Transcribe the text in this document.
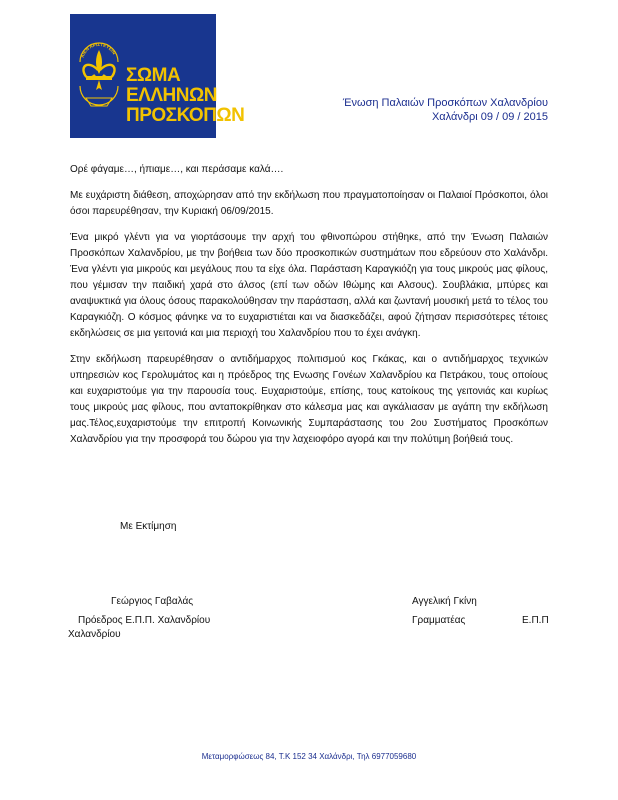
ΑΙΕΝ ΑΡΙΣΤΕΥΕΙΝ
ΣΩΜΑ
ΕΛΛΗΝΩΝ
ΠΡΟΣΚΟΠΩΝ
Ένωση Παλαιών Προσκόπων Χαλανδρίου
Χαλάνδρι 09 / 09 / 2015

Ορέ φάγαμε…, ήπιαμε…, και περάσαμε καλά….

Με ευχάριστη διάθεση, αποχώρησαν από την εκδήλωση που πραγματοποίησαν οι Παλαιοί Πρόσκοποι, όλοι όσοι παρευρέθησαν, την Κυριακή 06/09/2015.

Ένα μικρό γλέντι για να γιορτάσουμε την αρχή του φθινοπώρου στήθηκε, από την Ένωση Παλαιών Προσκόπων Χαλανδρίου, με την βοήθεια των δύο προσκοπικών συστημάτων που εδρεύουν στο Χαλάνδρι. Ένα γλέντι για μικρούς και μεγάλους που τα είχε όλα. Παράσταση Καραγκιόζη για τους μικρούς μας φίλους, που γέμισαν την παιδική χαρά στο άλσος (επί των οδών Ιθώμης και Αλσους). Σουβλάκια, μπύρες και αναψυκτικά για όλους όσους παρακολούθησαν την παράσταση, αλλά και ζωντανή μουσική μετά το τέλος του Καραγκιόζη. Ο κόσμος φάνηκε να το ευχαριστιέται και να διασκεδάζει, αφού ζήτησαν περισσότερες τέτοιες εκδηλώσεις σε μια γειτονιά και μια περιοχή του Χαλανδρίου που το έχει ανάγκη.

Στην εκδήλωση παρευρέθησαν ο αντιδήμαρχος πολιτισμού κος Γκάκας, και ο αντιδήμαρχος τεχνικών υπηρεσιών κος Γερολυμάτος και η πρόεδρος της Ενωσης Γονέων Χαλανδρίου κα Πετράκου, τους οποίους και ευχαριστούμε για την παρουσία τους. Ευχαριστούμε, επίσης, τους κατοίκους της γειτονιάς και κυρίως τους μικρούς μας φίλους, που ανταποκρίθηκαν στο κάλεσμα μας και αγκάλιασαν με αγάπη την εκδήλωση μας.Τέλος,ευχαριστούμε την επιτροπή Κοινωνικής Συμπαράστασης του 2ου Συστήματος Προσκόπων Χαλανδρίου για την προσφορά του δώρου για την λαχειοφόρο αγορά και την πολύτιμη βοήθειά τους.

Με Εκτίμηση
Γεώργιος Γαβαλάς
Πρόεδρος Ε.Π.Π. Χαλανδρίου
Χαλανδρίου
Αγγελική Γκίνη
Γραμματέας	Ε.Π.Π
Μεταμορφώσεως 84, Τ.Κ 152 34 Χαλάνδρι, Τηλ 6977059680
